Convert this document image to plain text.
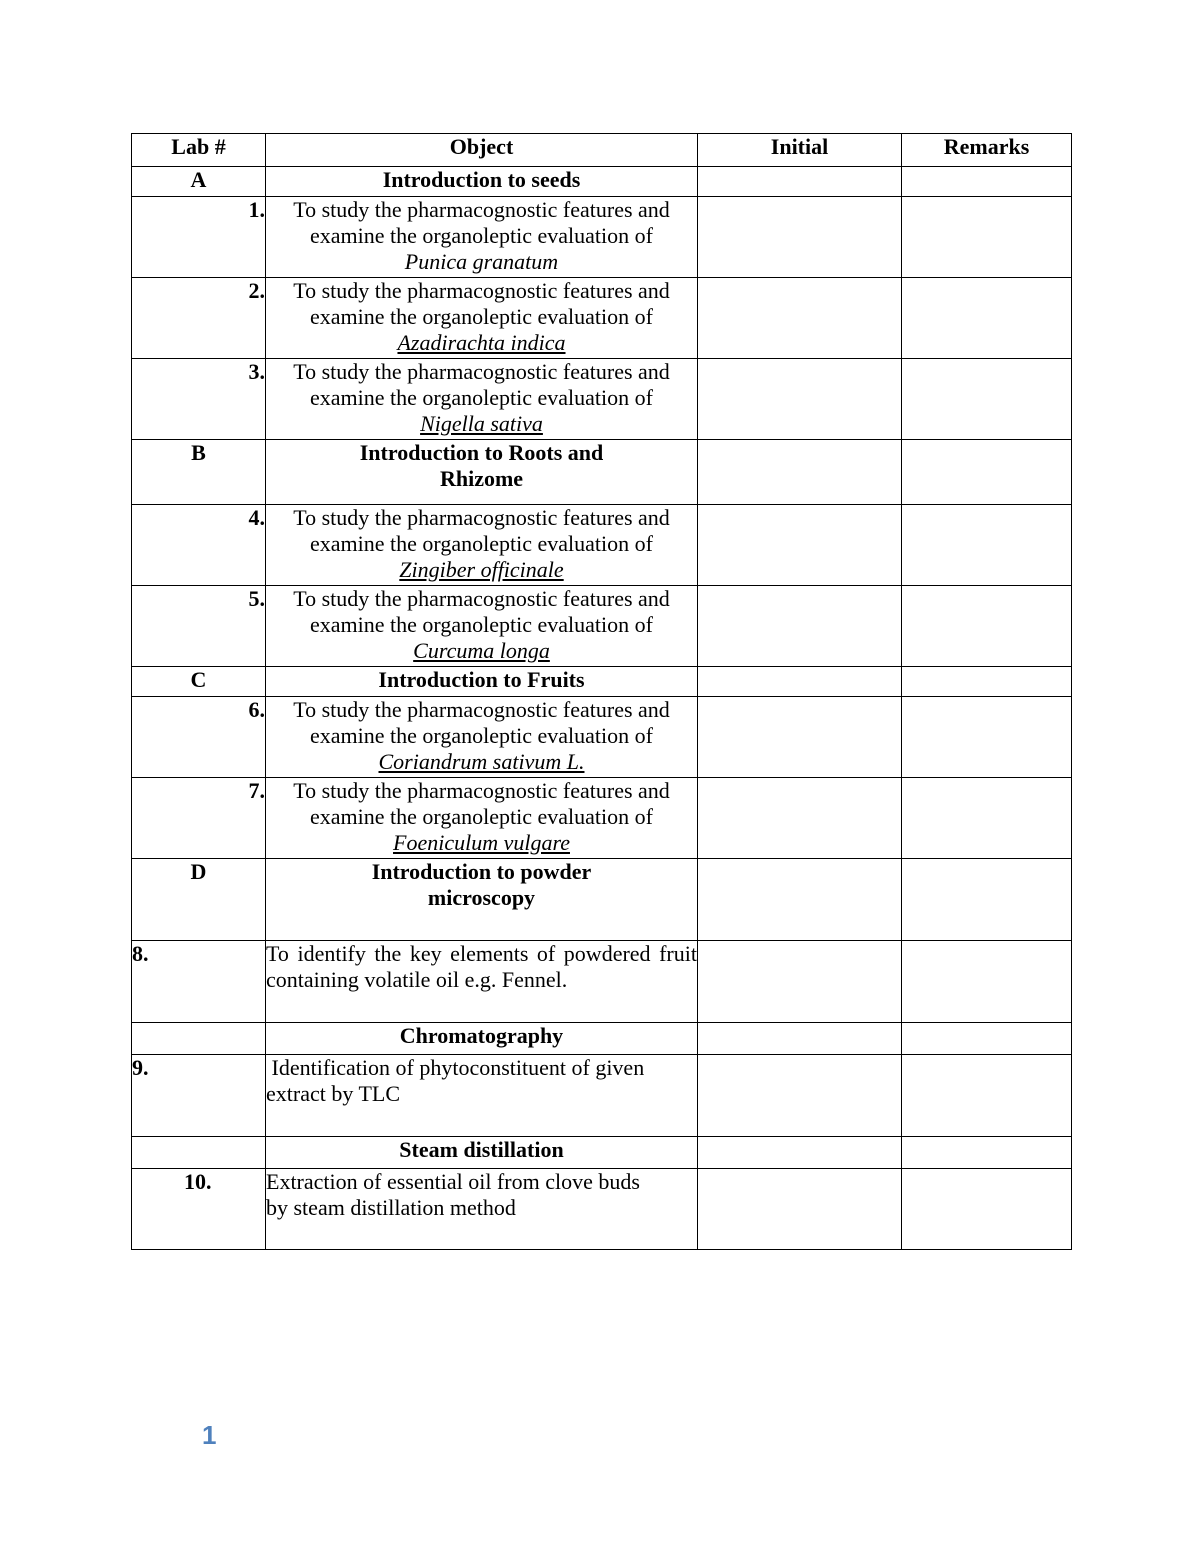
Lab #	Object	Initial	Remarks
A	Introduction to seeds		
1.	To study the pharmacognostic features and
examine the organoleptic evaluation of
Punica granatum		

2.	To study the pharmacognostic features and
examine the organoleptic evaluation of
Azadirachta indica		

3.	To study the pharmacognostic features and
examine the organoleptic evaluation of
Nigella sativa		

B	Introduction to Roots and
Rhizome		

4.	To study the pharmacognostic features and
examine the organoleptic evaluation of
Zingiber officinale		

5.	To study the pharmacognostic features and
examine the organoleptic evaluation of
Curcuma longa		

C	Introduction to Fruits		
6.	To study the pharmacognostic features and
examine the organoleptic evaluation of
Coriandrum sativum L.		

7.	To study the pharmacognostic features and
examine the organoleptic evaluation of
Foeniculum vulgare		

D	Introduction to powder
microscopy		

8.	To identify the key elements of powdered fruit containing volatile oil e.g. Fennel.		
	Chromatography		
9.	Identification of phytoconstituent of given
extract by TLC		

	Steam distillation		
10.	Extraction of essential oil from clove buds
by steam distillation method		

1
